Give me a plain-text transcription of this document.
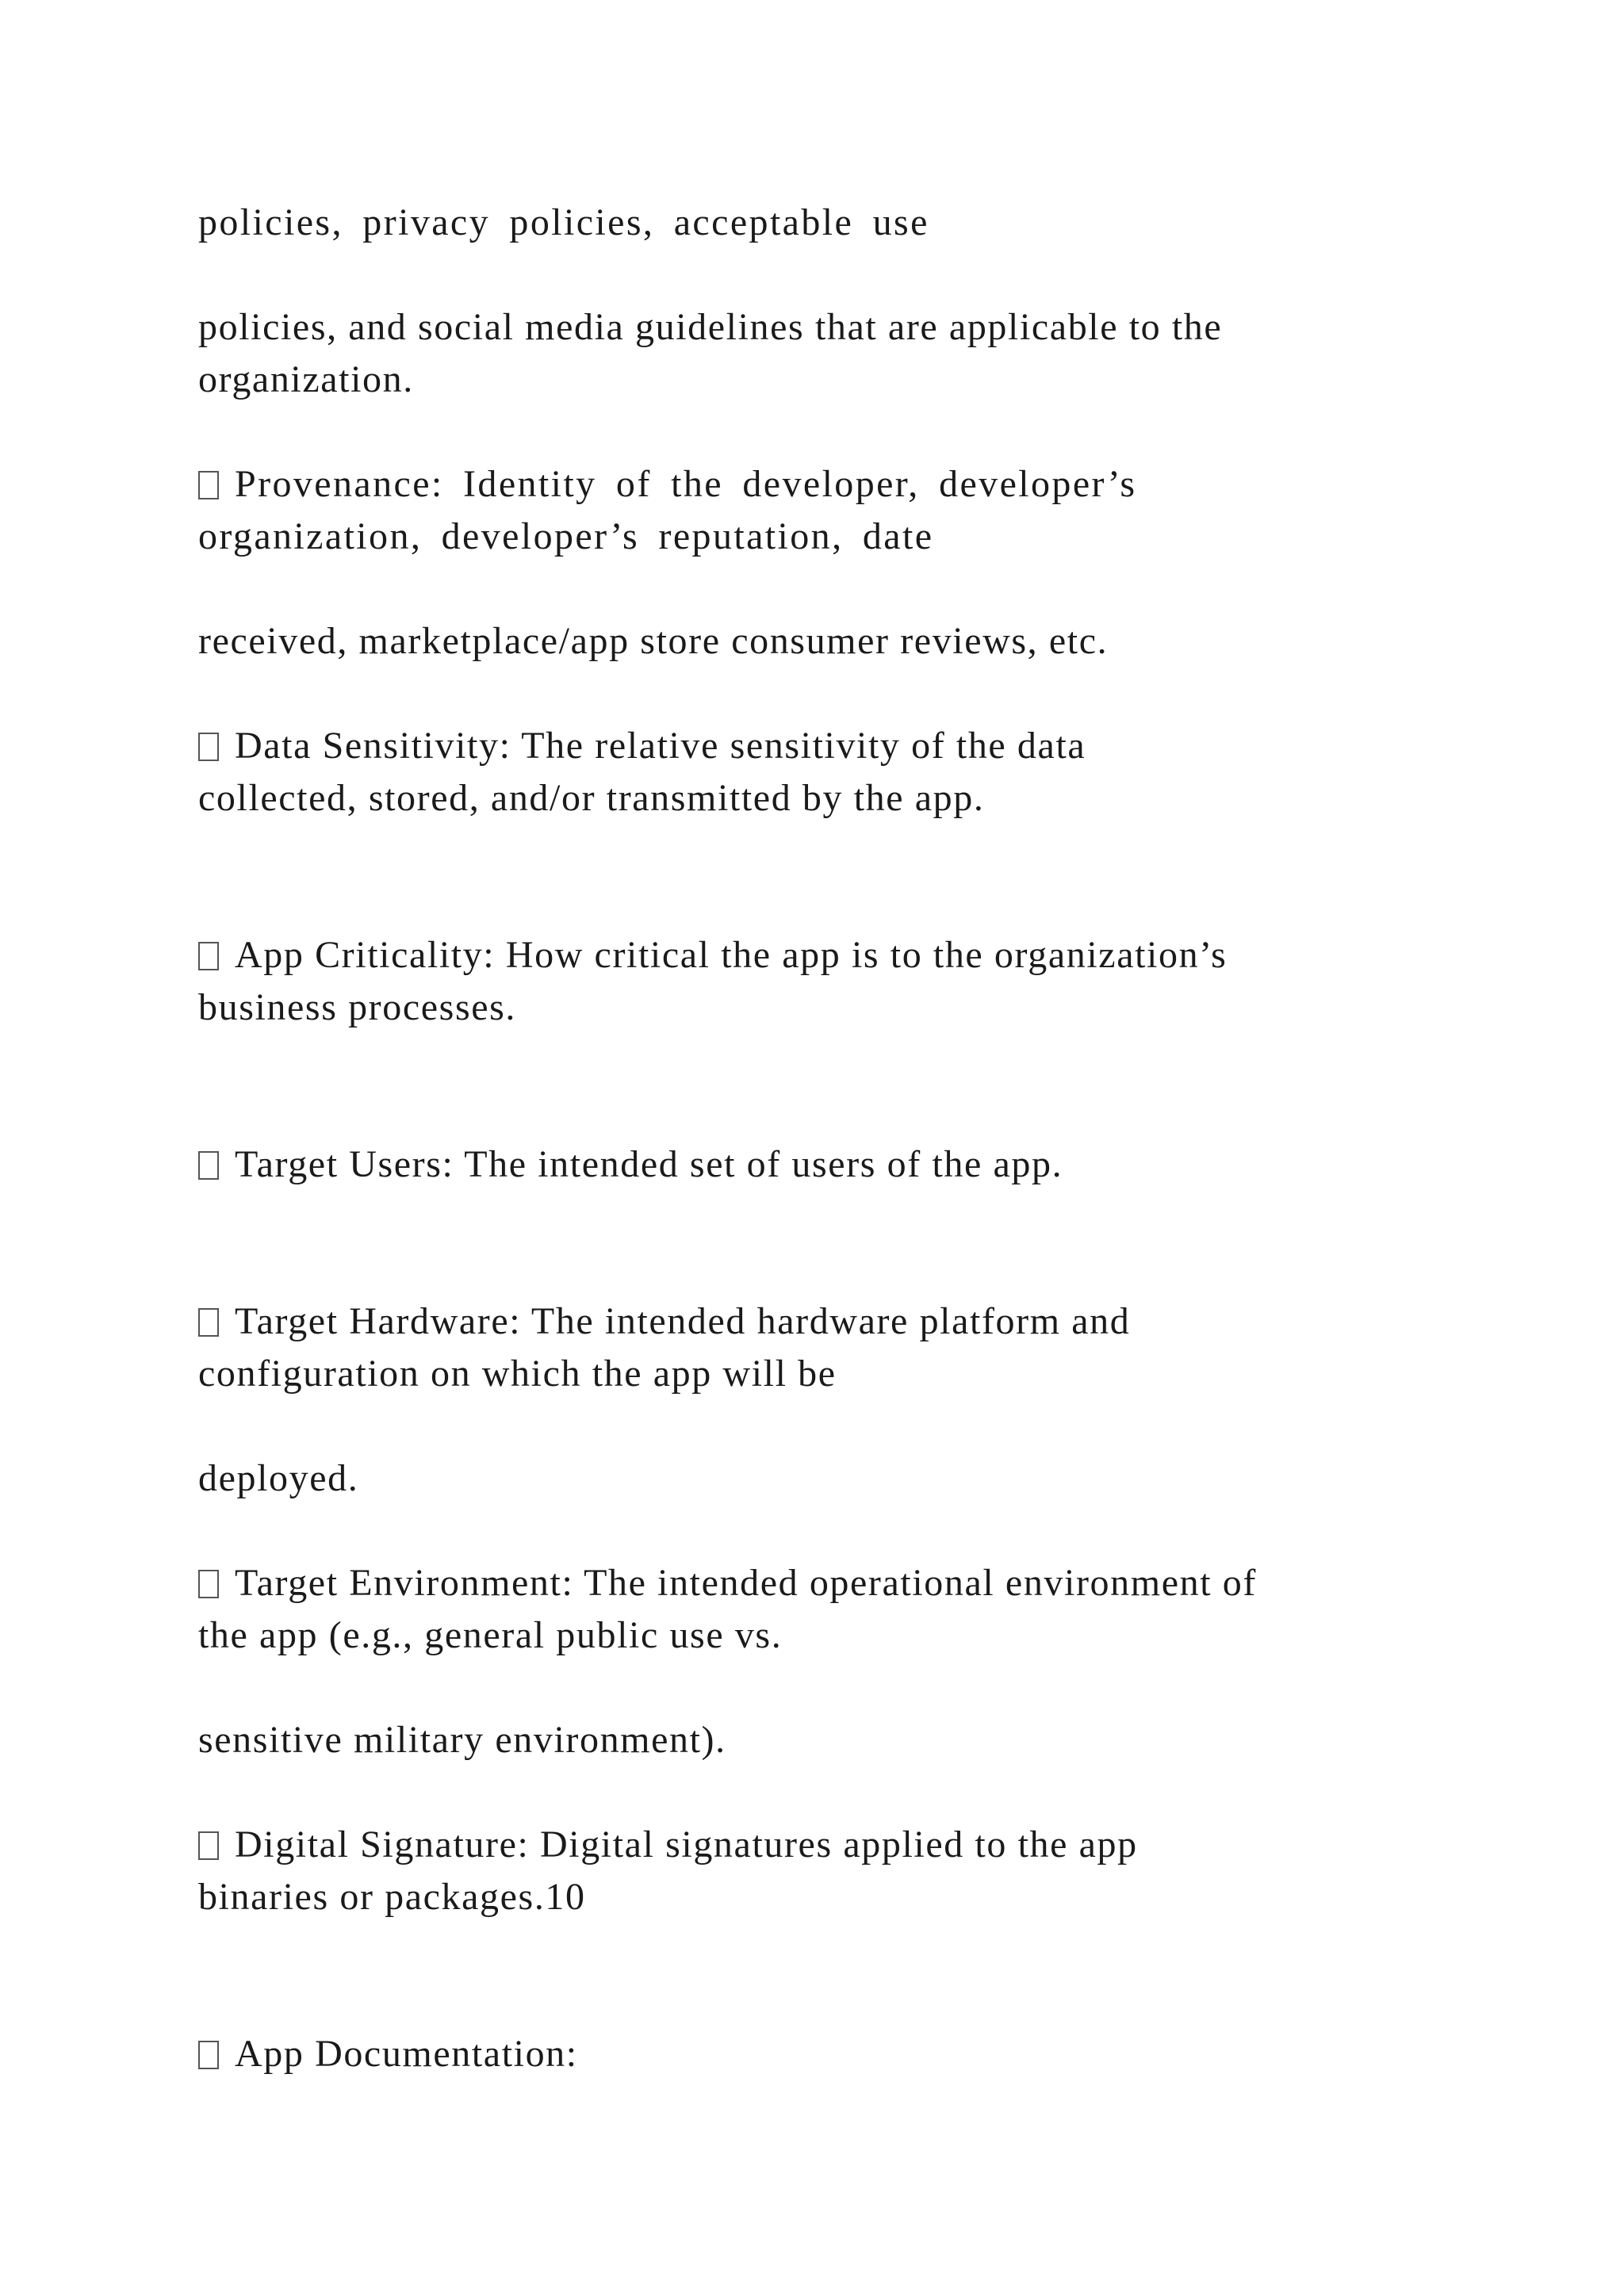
policies, privacy policies, acceptable use
policies, and social media guidelines that are applicable to the
organization.
Provenance: Identity of the developer, developer’s
organization, developer’s reputation, date
received, marketplace/app store consumer reviews, etc.
Data Sensitivity: The relative sensitivity of the data
collected, stored, and/or transmitted by the app.
App Criticality: How critical the app is to the organization’s
business processes.
Target Users: The intended set of users of the app.
Target Hardware: The intended hardware platform and
configuration on which the app will be
deployed.
Target Environment: The intended operational environment of
the app (e.g., general public use vs.
sensitive military environment).
Digital Signature: Digital signatures applied to the app
binaries or packages.10
App Documentation:
